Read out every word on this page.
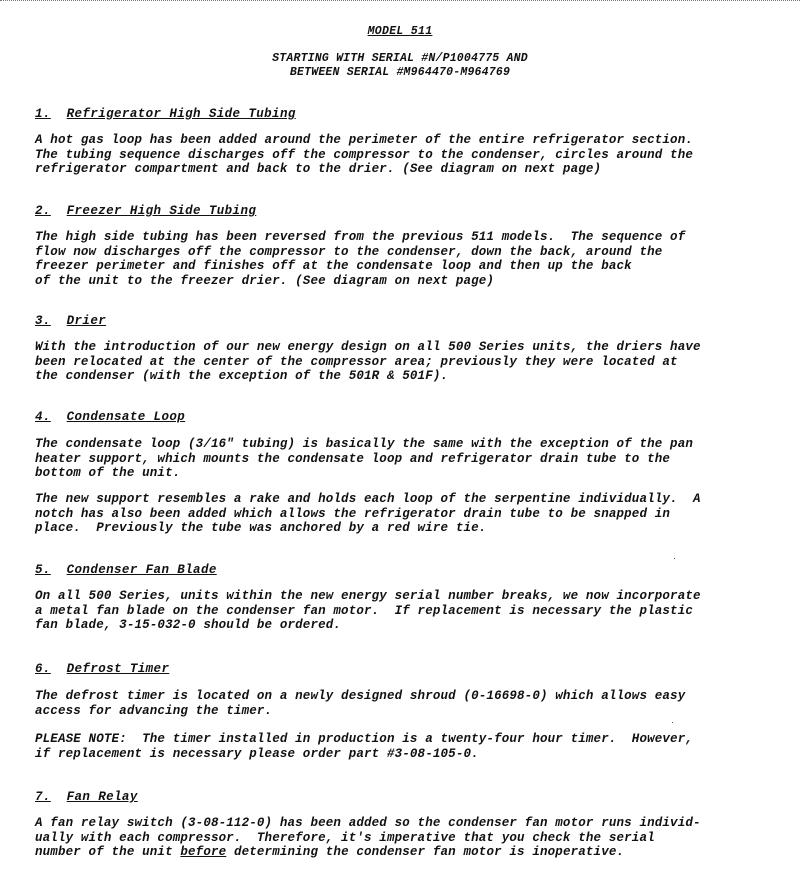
MODEL 511
STARTING WITH SERIAL #N/P1004775 AND
BETWEEN SERIAL #M964470-M964769
1. Refrigerator High Side Tubing
A hot gas loop has been added around the perimeter of the entire refrigerator section.
The tubing sequence discharges off the compressor to the condenser, circles around the
refrigerator compartment and back to the drier. (See diagram on next page)
2. Freezer High Side Tubing
The high side tubing has been reversed from the previous 511 models.  The sequence of
flow now discharges off the compressor to the condenser, down the back, around the
freezer perimeter and finishes off at the condensate loop and then up the back
of the unit to the freezer drier. (See diagram on next page)
3. Drier
With the introduction of our new energy design on all 500 Series units, the driers have
been relocated at the center of the compressor area; previously they were located at
the condenser (with the exception of the 501R & 501F).
4. Condensate Loop
The condensate loop (3/16" tubing) is basically the same with the exception of the pan
heater support, which mounts the condensate loop and refrigerator drain tube to the
bottom of the unit.
The new support resembles a rake and holds each loop of the serpentine individually.  A
notch has also been added which allows the refrigerator drain tube to be snapped in
place.  Previously the tube was anchored by a red wire tie.
5. Condenser Fan Blade
On all 500 Series, units within the new energy serial number breaks, we now incorporate
a metal fan blade on the condenser fan motor.  If replacement is necessary the plastic
fan blade, 3-15-032-0 should be ordered.
6. Defrost Timer
The defrost timer is located on a newly designed shroud (0-16698-0) which allows easy
access for advancing the timer.
PLEASE NOTE:  The timer installed in production is a twenty-four hour timer.  However,
if replacement is necessary please order part #3-08-105-0.
7. Fan Relay
A fan relay switch (3-08-112-0) has been added so the condenser fan motor runs individ-
ually with each compressor.  Therefore, it's imperative that you check the serial
number of the unit before determining the condenser fan motor is inoperative.
